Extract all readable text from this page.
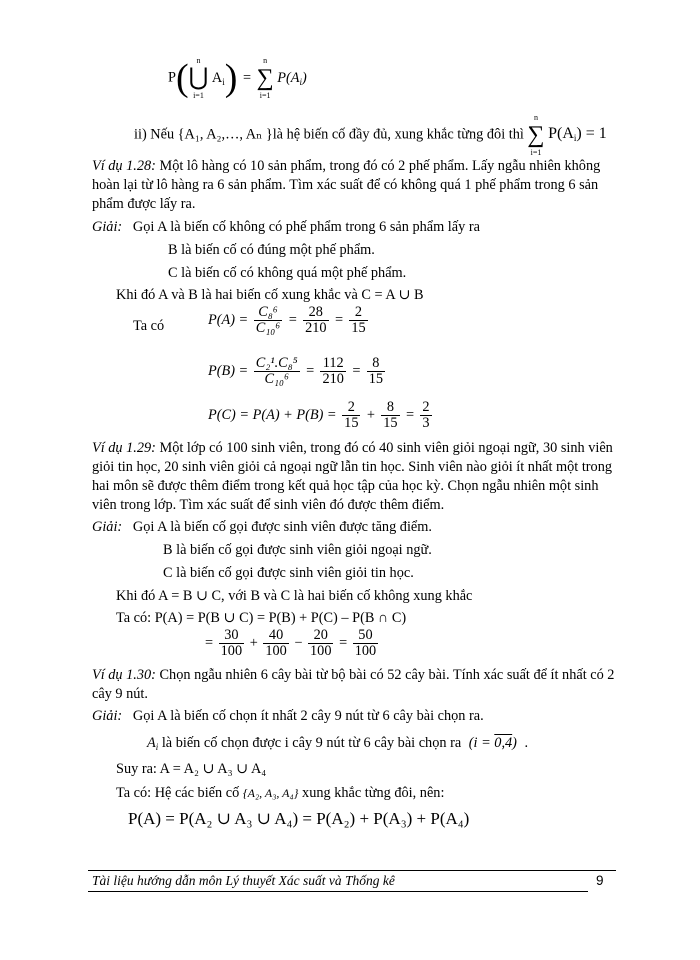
P( n
⋃
i=1
$A_i$) =
n
∑
i=1
$P(A_i)$
ii) Nếu {A₁, A₂,…, Aₙ }là hệ biến cố đầy đủ, xung khắc từng đôi thì
n
∑
i=1
$P(A_i) = 1$
Ví dụ 1.28: Một lô hàng có 10 sản phẩm, trong đó có 2 phế phẩm. Lấy ngẫu nhiên không
hoàn lại từ lô hàng ra 6 sản phẩm. Tìm xác suất để có không quá 1 phế phẩm trong 6 sản
phẩm được lấy ra.
Giải: Gọi A là biến cố không có phế phẩm trong 6 sản phẩm lấy ra
B là biến cố có đúng một phế phẩm.
C là biến cố có không quá một phế phẩm.
Khi đó A và B là hai biến cố xung khắc và C = A ∪ B
Ta có	$P(A) = \frac{\text{C₈⁶}}{\text{C₁₀⁶}} = \frac{28}{210} = \frac{2}{15}$
$P(B) = \frac{\text{C₂¹.C₈⁵}}{\text{C₁₀⁶}} = \frac{112}{210} = \frac{8}{15}$
$P(C) = P(A) + P(B) = \frac{2}{15} + \frac{8}{15} = \frac{2}{3}$
Ví dụ 1.29: Một lớp có 100 sinh viên, trong đó có 40 sinh viên giỏi ngoại ngữ, 30 sinh viên
giỏi tin học, 20 sinh viên giỏi cả ngoại ngữ lẫn tin học. Sinh viên nào giỏi ít nhất một trong
hai môn sẽ được thêm điểm trong kết quả học tập của học kỳ. Chọn ngẫu nhiên một sinh
viên trong lớp. Tìm xác suất để sinh viên đó được thêm điểm.
Giải: Gọi A là biến cố gọi được sinh viên được tăng điểm.
B là biến cố gọi được sinh viên giỏi ngoại ngữ.
C là biến cố gọi được sinh viên giỏi tin học.
Khi đó A = B ∪ C, với B và C là hai biến cố không xung khắc
Ta có: P(A) = P(B ∪ C) = P(B) + P(C) – P(B ∩ C)
= $\frac{30}{100} + \frac{40}{100} - \frac{20}{100} = \frac{50}{100}$
Ví dụ 1.30: Chọn ngẫu nhiên 6 cây bài từ bộ bài có 52 cây bài. Tính xác suất để ít nhất có 2
cây 9 nút.
Giải: Gọi A là biến cố chọn ít nhất 2 cây 9 nút từ 6 cây bài chọn ra.
$A_i$ là biến cố chọn được i cây 9 nút từ 6 cây bài chọn ra (i = 0,4) .
Suy ra: A = A₂ ∪ A₃ ∪ A₄
Ta có: Hệ các biến cố {A₂, A₃, A₄} xung khắc từng đôi, nên:
P(A) = P(A₂ ∪ A₃ ∪ A₄) = P(A₂) + P(A₃) + P(A₄)
Tài liệu hướng dẫn môn Lý thuyết Xác suất và Thống kê	9
